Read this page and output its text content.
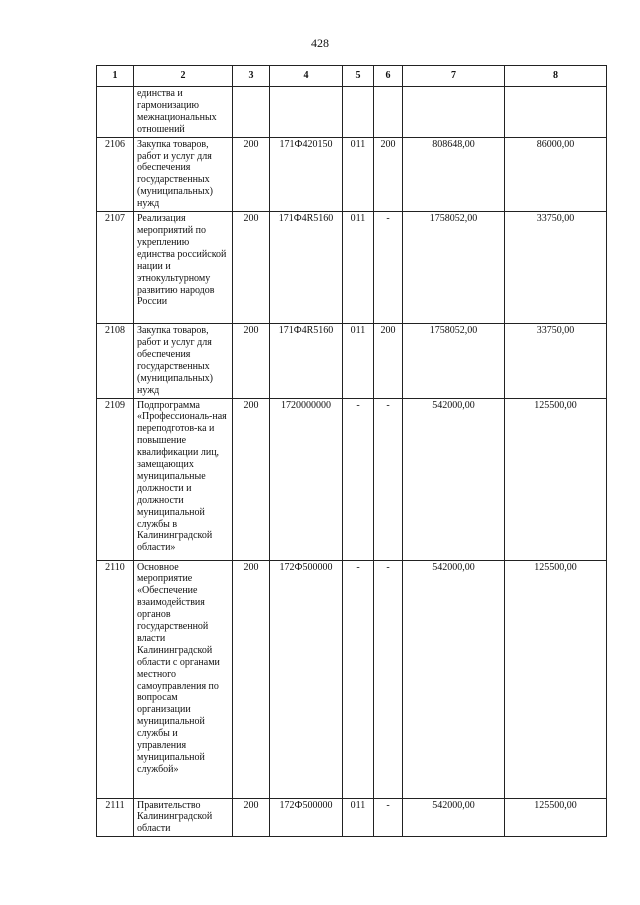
428
1	2	3	4	5	6	7	8
	единства и гармонизацию межнациональных отношений						
2106	Закупка товаров, работ и услуг для обеспечения государственных (муниципальных) нужд	200	171Ф420150	011	200	808648,00	86000,00
2107	Реализация мероприятий по укреплению единства российской нации и этнокультурному развитию народов России	200	171Ф4R5160	011	-	1758052,00	33750,00
2108	Закупка товаров, работ и услуг для обеспечения государственных (муниципальных) нужд	200	171Ф4R5160	011	200	1758052,00	33750,00
2109	Подпрограмма «Профессиональ-ная переподготов-ка и повышение квалификации лиц, замещающих муниципальные должности и должности муниципальной службы в Калининградской области»	200	1720000000	-	-	542000,00	125500,00
2110	Основное мероприятие «Обеспечение взаимодействия органов государственной власти Калининградской области с органами местного самоуправления по вопросам организации муниципальной службы и управления муниципальной службой»	200	172Ф500000	-	-	542000,00	125500,00
2111	Правительство Калининградской области	200	172Ф500000	011	-	542000,00	125500,00
